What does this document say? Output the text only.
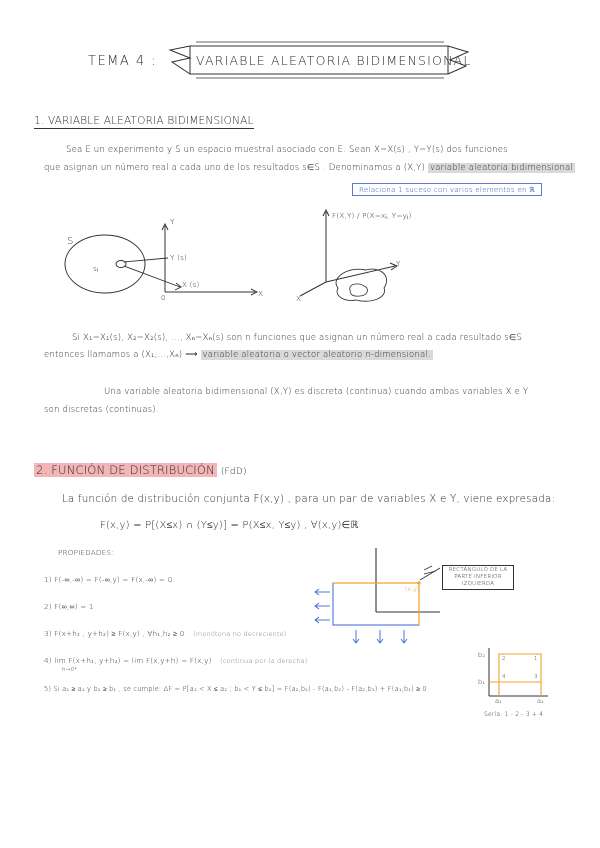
TEMA 4 :	VARIABLE ALEATORIA BIDIMENSIONAL
1. VARIABLE ALEATORIA BIDIMENSIONAL
Sea E un experimento y S un espacio muestral asociado con E. Sean X=X(s) , Y=Y(s) dos funciones
que asignan un número real a cada uno de los resultados s∈S . Denominamos a (X,Y) variable aleatoria bidimensional
Relaciona 1 suceso con varios elementos en ℝ
S
sᵢ
Y
X
0
Y (s)
X (s)
F(X,Y) / P(X=xᵢ, Y=yⱼ)
Y
X
Si X₁=X₁(s), X₂=X₂(s), ..., Xₙ=Xₙ(s) son n funciones que asignan un número real a cada resultado s∈S
entonces llamamos a (X₁,...,Xₙ) ⟶ variable aleatoria o vector aleatorio n-dimensional.
Una variable aleatoria bidimensional (X,Y) es discreta (continua) cuando ambas variables X e Y
son discretas (continuas).
2. FUNCIÓN DE DISTRIBUCIÓN (FdD)
La función de distribución conjunta F(x,y) , para un par de variables X e Y, viene expresada:
F(x,y) = P[(X≤x) ∩ (Y≤y)] = P(X≤x, Y≤y) , ∀(x,y)∈ℝ
PROPIEDADES:
1) F(-∞,-∞) = F(-∞,y) = F(x,-∞) = 0
2) F(∞,∞) = 1
3) F(x+h₁ , y+h₂) ≥ F(x,y) , ∀h₁,h₂ ≥ 0 (monótona no decreciente)
4) lim F(x+h₁, y+h₂) = lim F(x,y+h) = F(x,y) (continua por la derecha)
h→0⁺
5) Si a₂ ≥ a₁ y b₂ ≥ b₁ , se cumple: ΔF = P[a₁ < X ≤ a₂ ; b₁ < Y ≤ b₂] = F(a₂,b₂) - F(a₁,b₂) - F(a₂,b₁) + F(a₁,b₁) ≥ 0
RECTÁNGULO DE LA PARTE INFERIOR IZQUIERDA
(x,y)
b₂
b₁
a₁	a₂
1
2
3
4
Sería: 1 - 2 - 3 + 4
